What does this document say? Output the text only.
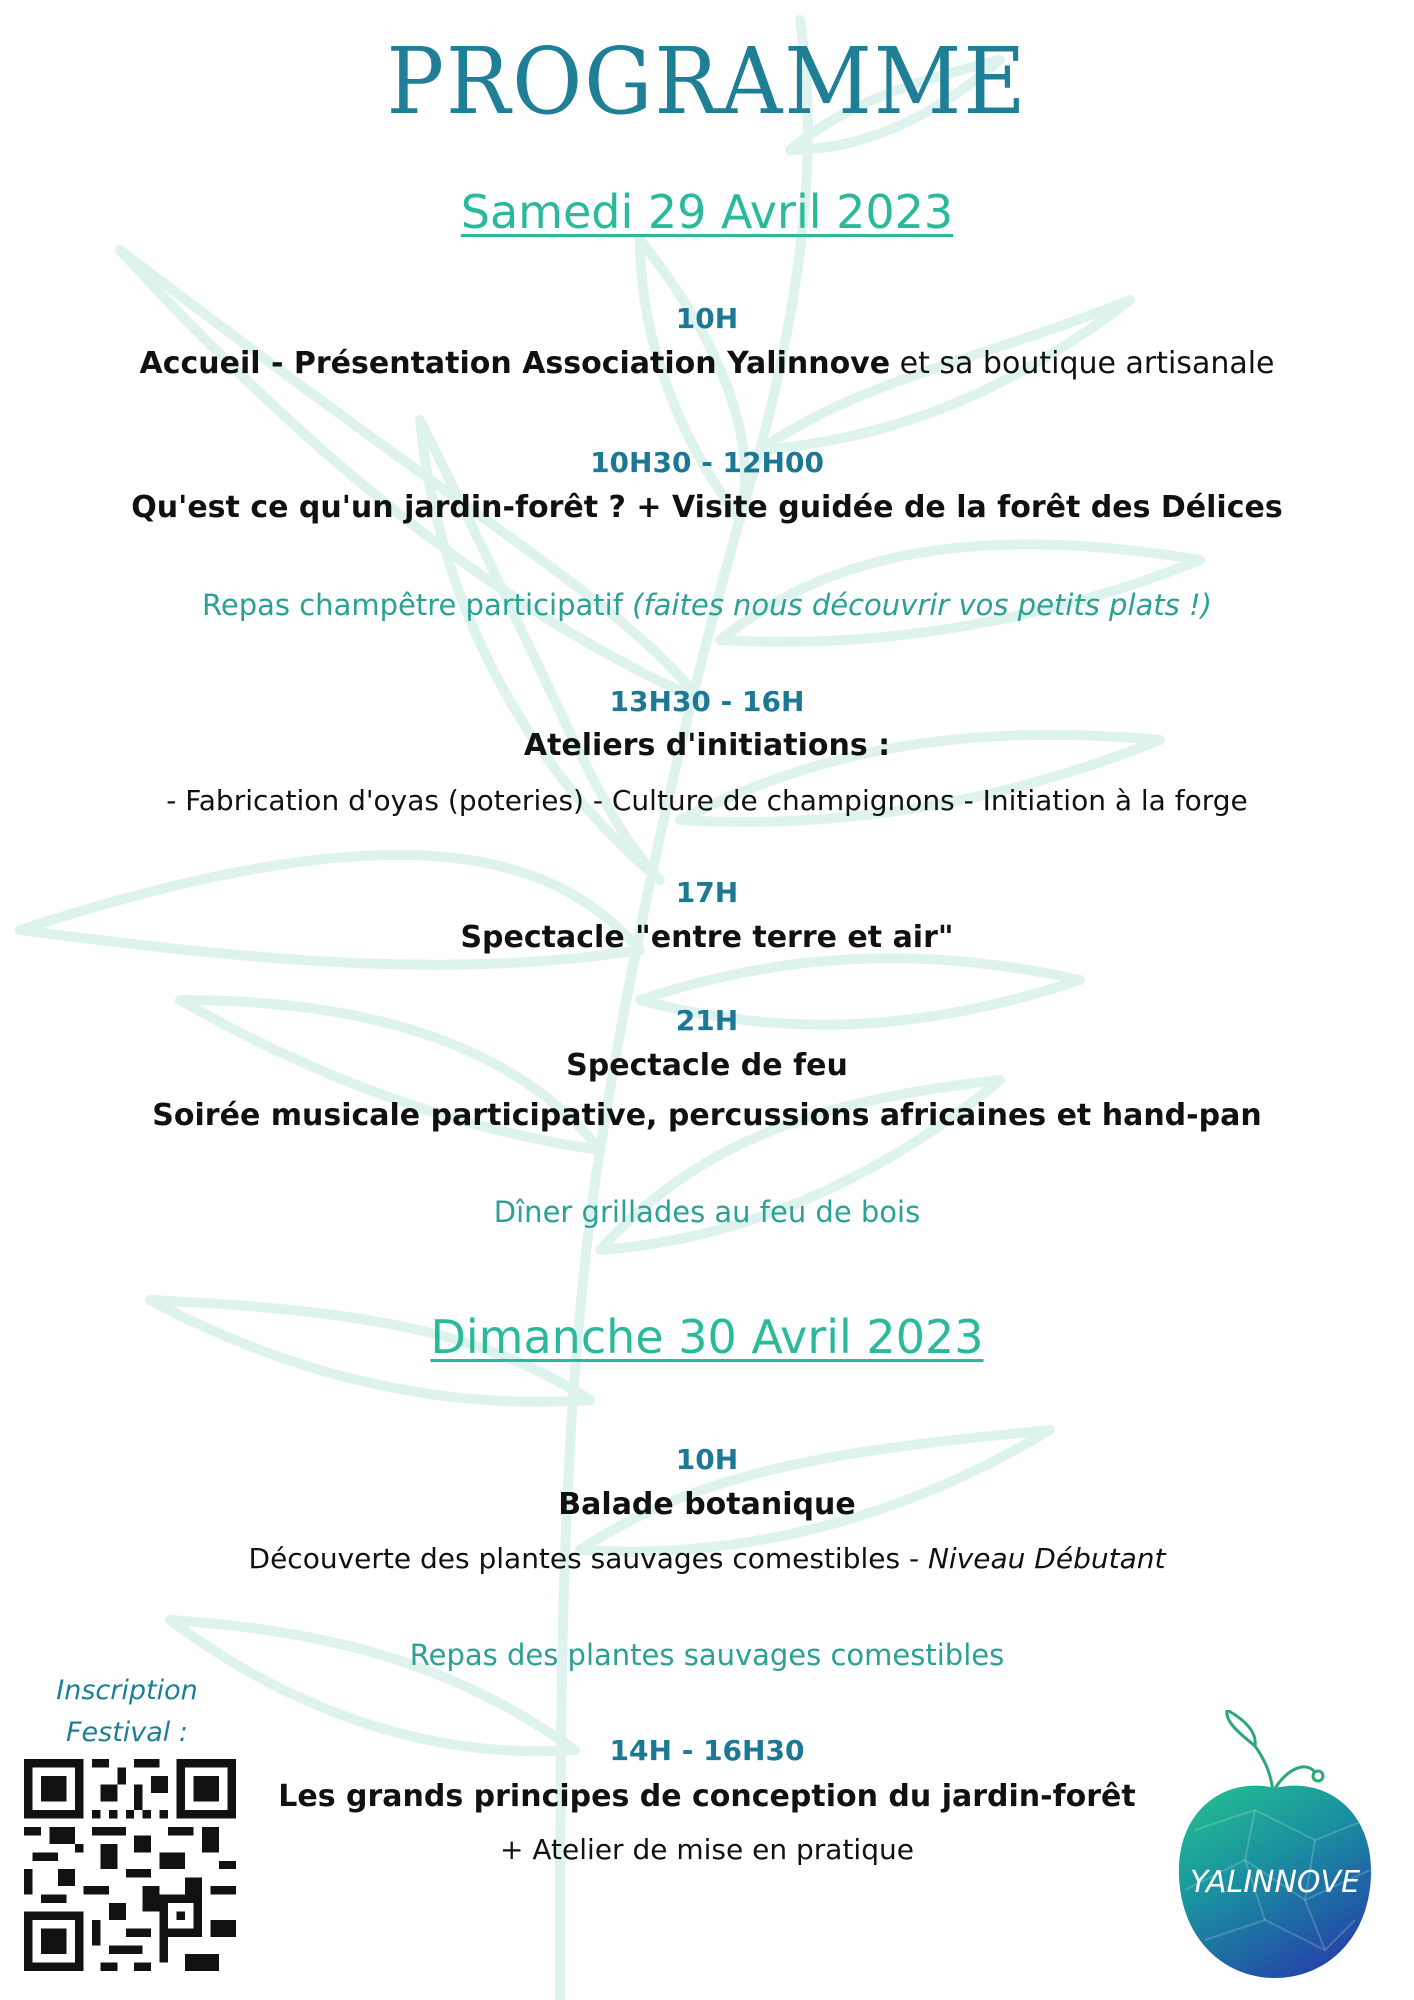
PROGRAMME
Samedi 29 Avril 2023
10H
Accueil - Présentation Association Yalinnove et sa boutique artisanale
10H30 - 12H00
Qu'est ce qu'un jardin-forêt ? + Visite guidée de la forêt des Délices
Repas champêtre participatif (faites nous découvrir vos petits plats !)
13H30 - 16H
Ateliers d'initiations :
- Fabrication d'oyas (poteries) - Culture de champignons - Initiation à la forge
17H
Spectacle "entre terre et air"
21H
Spectacle de feu
Soirée musicale participative, percussions africaines et hand-pan
Dîner grillades au feu de bois
Dimanche 30 Avril 2023
10H
Balade botanique
Découverte des plantes sauvages comestibles - Niveau Débutant
Repas des plantes sauvages comestibles
14H - 16H30
Les grands principes de conception du jardin-forêt
+ Atelier de mise en pratique
Inscription
Festival :
YALINNOVE
